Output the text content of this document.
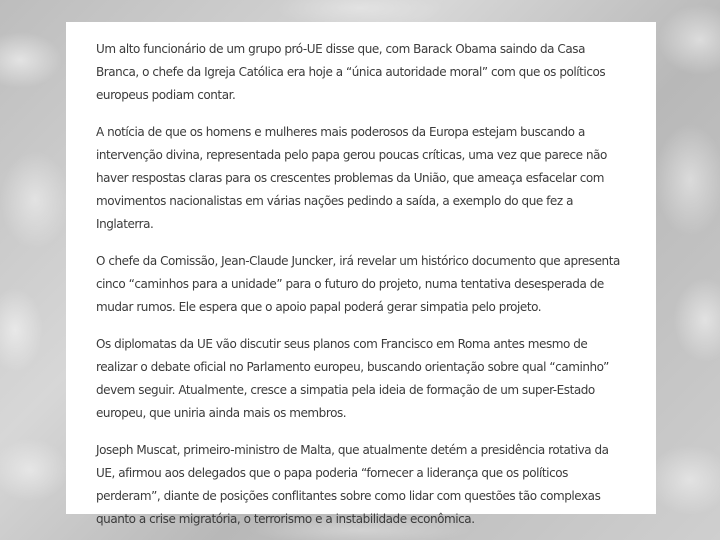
Um alto funcionário de um grupo pró-UE disse que, com Barack Obama saindo da Casa Branca, o chefe da Igreja Católica era hoje a “única autoridade moral” com que os políticos europeus podiam contar.

A notícia de que os homens e mulheres mais poderosos da Europa estejam buscando a intervenção divina, representada pelo papa gerou poucas críticas, uma vez que parece não haver respostas claras para os crescentes problemas da União, que ameaça esfacelar com movimentos nacionalistas em várias nações pedindo a saída, a exemplo do que fez a Inglaterra.

O chefe da Comissão, Jean-Claude Juncker, irá revelar um histórico documento que apresenta cinco “caminhos para a unidade” para o futuro do projeto, numa tentativa desesperada de mudar rumos. Ele espera que o apoio papal poderá gerar simpatia pelo projeto.

Os diplomatas da UE vão discutir seus planos com Francisco em Roma antes mesmo de realizar o debate oficial no Parlamento europeu, buscando orientação sobre qual “caminho” devem seguir. Atualmente, cresce a simpatia pela ideia de formação de um super-Estado europeu, que uniria ainda mais os membros.

Joseph Muscat, primeiro-ministro de Malta, que atualmente detém a presidência rotativa da UE, afirmou aos delegados que o papa poderia “fornecer a liderança que os políticos perderam”, diante de posições conflitantes sobre como lidar com questões tão complexas quanto a crise migratória, o terrorismo e a instabilidade econômica.
